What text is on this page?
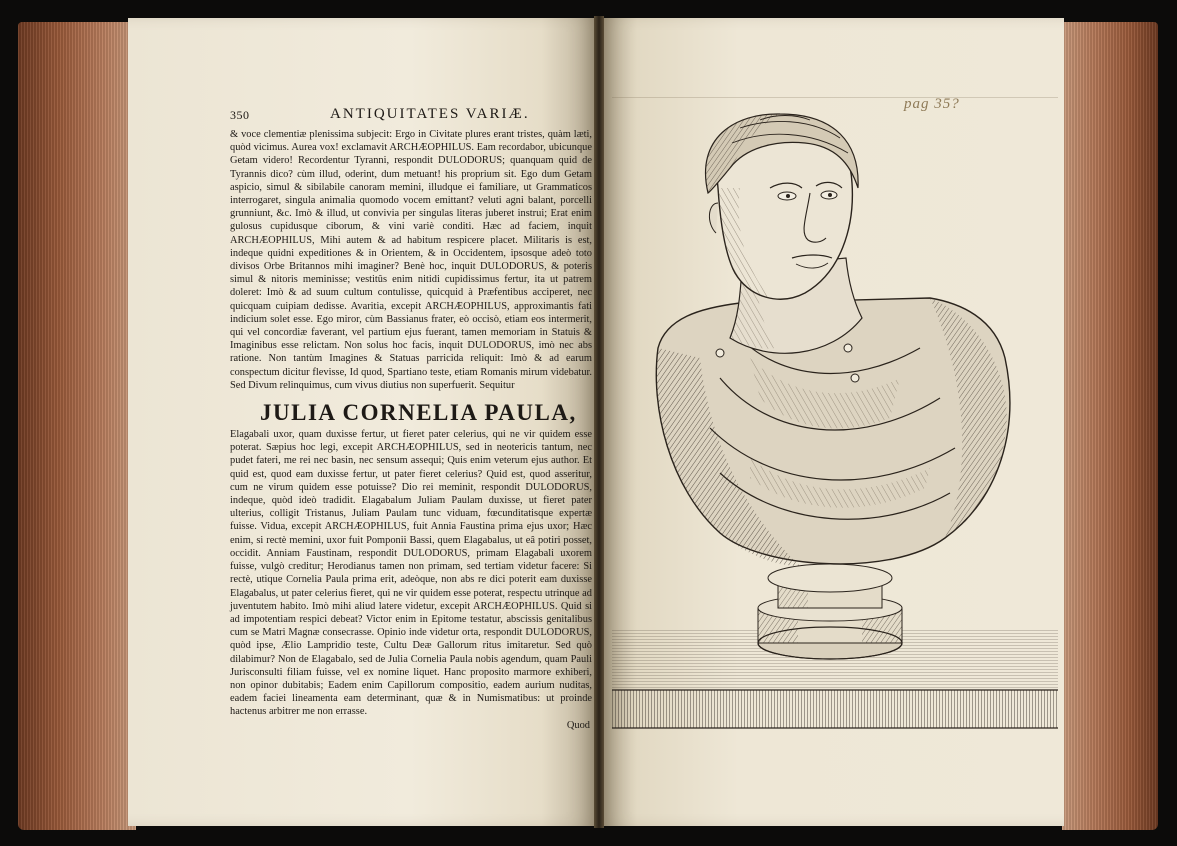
350	ANTIQUITATES VARIÆ.

& voce clementiæ plenissima subjecit: Ergo in Civitate plures erant tristes, quàm læti, quòd vicimus. Aurea vox! exclamavit ARCHÆOPHILUS. Eam recordabor, ubicunque Getam videro! Recordentur Tyranni, respondit DULODORUS; quanquam quid de Tyrannis dico? cùm illud, oderint, dum metuant! his proprium sit. Ego dum Getam aspicio, simul & sibilabile canoram memini, illudque ei familiare, ut Grammaticos interrogaret, singula animalia quomodo vocem emittant? veluti agni balant, porcelli grunniunt, &c. Imò & illud, ut convivia per singulas literas juberet instrui; Erat enim gulosus cupidusque ciborum, & vini variè conditi. Hæc ad faciem, inquit ARCHÆOPHILUS, Mihi autem & ad habitum respicere placet. Militaris is est, indeque quidni expeditiones & in Orientem, & in Occidentem, ipsosque adeò toto divisos Orbe Britannos mihi imaginer? Benè hoc, inquit DULODORUS, & poteris simul & nitoris meminisse; vestitûs enim nitidi cupidissimus fertur, ita ut patrem doleret: Imò & ad suum cultum contulisse, quicquid à Præfentibus acciperet, nec quicquam cuipiam dedisse. Avaritia, excepit ARCHÆOPHILUS, approximantis fati indicium solet esse. Ego miror, cùm Bassianus frater, eò occisò, etiam eos intermerit, qui vel concordiæ faverant, vel partium ejus fuerant, tamen memoriam in Statuis & Imaginibus esse relictam. Non solus hoc facis, inquit DULODORUS, imò nec abs ratione. Non tantùm Imagines & Statuas parricida reliquit: Imò & ad earum conspectum dicitur flevisse, Id quod, Spartiano teste, etiam Romanis mirum videbatur. Sed Divum relinquimus, cum vivus diutius non superfuerit. Sequitur

JULIA CORNELIA PAULA,

Elagabali uxor, quam duxisse fertur, ut fieret pater celerius, qui ne vir quidem esse poterat. Sæpius hoc legi, excepit ARCHÆOPHILUS, sed in neotericis tantum, nec pudet fateri, me rei nec basin, nec sensum assequi; Quis enim veterum ejus author. Et quid est, quod eam duxisse fertur, ut pater fieret celerius? Quid est, quod asseritur, cum ne virum quidem esse potuisse? Dio rei meminit, respondit DULODORUS, indeque, quòd ideò tradidit. Elagabalum Juliam Paulam duxisse, ut fieret pater ulterius, colligit Tristanus, Juliam Paulam tunc viduam, fœcunditatisque expertæ fuisse. Vidua, excepit ARCHÆOPHILUS, fuit Annia Faustina prima ejus uxor; Hæc enim, si rectè memini, uxor fuit Pomponii Bassi, quem Elagabalus, ut eâ potiri posset, occidit. Anniam Faustinam, respondit DULODORUS, primam Elagabali uxorem fuisse, vulgò creditur; Herodianus tamen non primam, sed tertiam videtur facere: Si rectè, utique Cornelia Paula prima erit, adeòque, non abs re dici poterit eam duxisse Elagabalus, ut pater celerius fieret, qui ne vir quidem esse poterat, respectu utrinque ad juventutem habito. Imò mihi aliud latere videtur, excepit ARCHÆOPHILUS. Quid si ad impotentiam respici debeat? Victor enim in Epitome testatur, abscissis genitalibus cum se Matri Magnæ consecrasse. Opinio inde videtur orta, respondit DULODORUS, quòd ipse, Ælio Lampridio teste, Cultu Deæ Gallorum ritus imitaretur. Sed quò dilabimur? Non de Elagabalo, sed de Julia Cornelia Paula nobis agendum, quam Pauli Jurisconsulti filiam fuisse, vel ex nomine liquet. Hanc proposito marmore exhiberi, non opinor dubitabis; Eadem enim Capillorum compositio, eadem aurium nuditas, eadem faciei lineamenta eam determinant, quæ & in Numismatibus: ut proinde hactenus arbitrer me non errasse.

Quod
pag 35?
